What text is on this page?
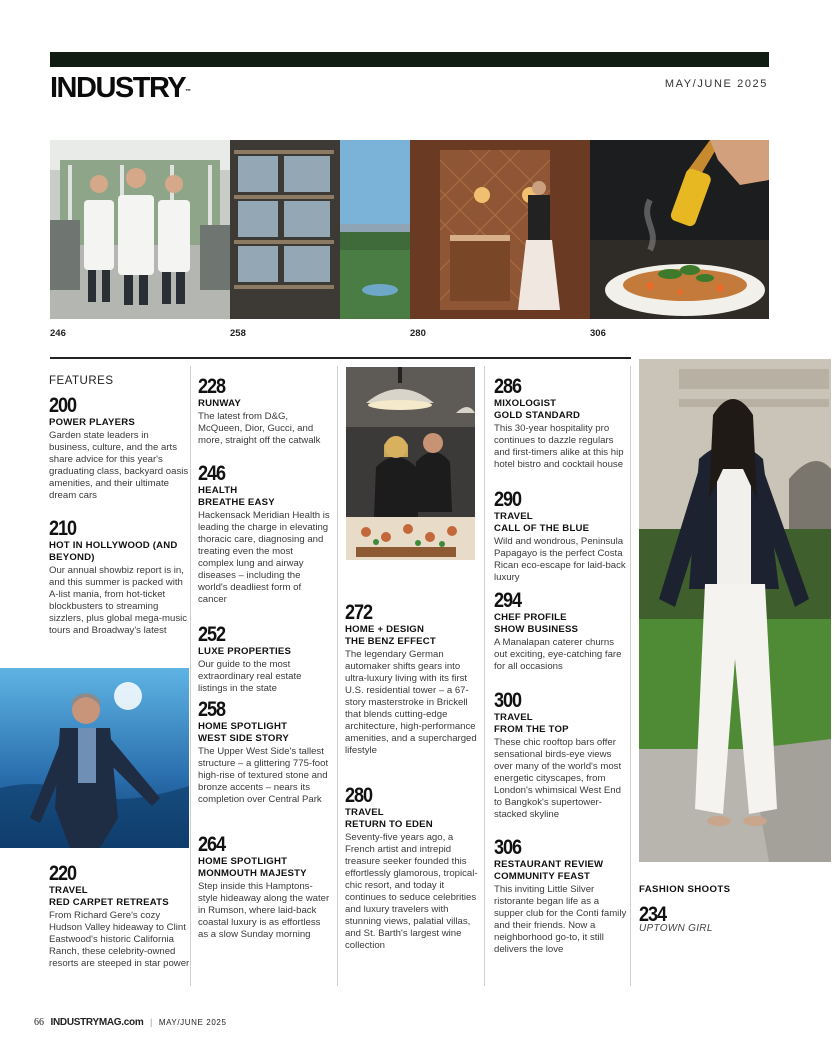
INDUSTRY™
MAY/JUNE 2025
246	258	280	306
FEATURES
200
POWER PLAYERS
Garden state leaders in business, culture, and the arts share advice for this year's graduating class, backyard oasis amenities, and their ultimate dream cars
210
HOT IN HOLLYWOOD (AND BEYOND)
Our annual showbiz report is in, and this summer is packed with A-list mania, from hot-ticket blockbusters to streaming sizzlers, plus global mega-music tours and Broadway's latest
220
TRAVEL
RED CARPET RETREATS
From Richard Gere's cozy Hudson Valley hideaway to Clint Eastwood's historic California Ranch, these celebrity-owned resorts are steeped in star power
228
RUNWAY
The latest from D&G, McQueen, Dior, Gucci, and more, straight off the catwalk
246
HEALTH
BREATHE EASY
Hackensack Meridian Health is leading the charge in elevating thoracic care, diagnosing and treating even the most complex lung and airway diseases – including the world's deadliest form of cancer
252
LUXE PROPERTIES
Our guide to the most extraordinary real estate listings in the state
258
HOME SPOTLIGHT
WEST SIDE STORY
The Upper West Side's tallest structure – a glittering 775-foot high-rise of textured stone and bronze accents – nears its completion over Central Park
264
HOME SPOTLIGHT
MONMOUTH MAJESTY
Step inside this Hamptons-style hideaway along the water in Rumson, where laid-back coastal luxury is as effortless as a slow Sunday morning
272
HOME + DESIGN
THE BENZ EFFECT
The legendary German automaker shifts gears into ultra-luxury living with its first U.S. residential tower – a 67-story masterstroke in Brickell that blends cutting-edge architecture, high-performance amenities, and a supercharged lifestyle
280
TRAVEL
RETURN TO EDEN
Seventy-five years ago, a French artist and intrepid treasure seeker founded this effortlessly glamorous, tropical-chic resort, and today it continues to seduce celebrities and luxury travelers with stunning views, palatial villas, and St. Barth's largest wine collection
286
MIXOLOGIST
GOLD STANDARD
This 30-year hospitality pro continues to dazzle regulars and first-timers alike at this hip hotel bistro and cocktail house
290
TRAVEL
CALL OF THE BLUE
Wild and wondrous, Peninsula Papagayo is the perfect Costa Rican eco-escape for laid-back luxury
294
CHEF PROFILE
SHOW BUSINESS
A Manalapan caterer churns out exciting, eye-catching fare for all occasions
300
TRAVEL
FROM THE TOP
These chic rooftop bars offer sensational birds-eye views over many of the world's most energetic cityscapes, from London's whimsical West End to Bangkok's supertower-stacked skyline
306
RESTAURANT REVIEW
COMMUNITY FEAST
This inviting Little Silver ristorante began life as a supper club for the Conti family and their friends. Now a neighborhood go-to, it still delivers the love
FASHION SHOOTS
234
UPTOWN GIRL
66 INDUSTRYMAG.com | MAY/JUNE 2025
